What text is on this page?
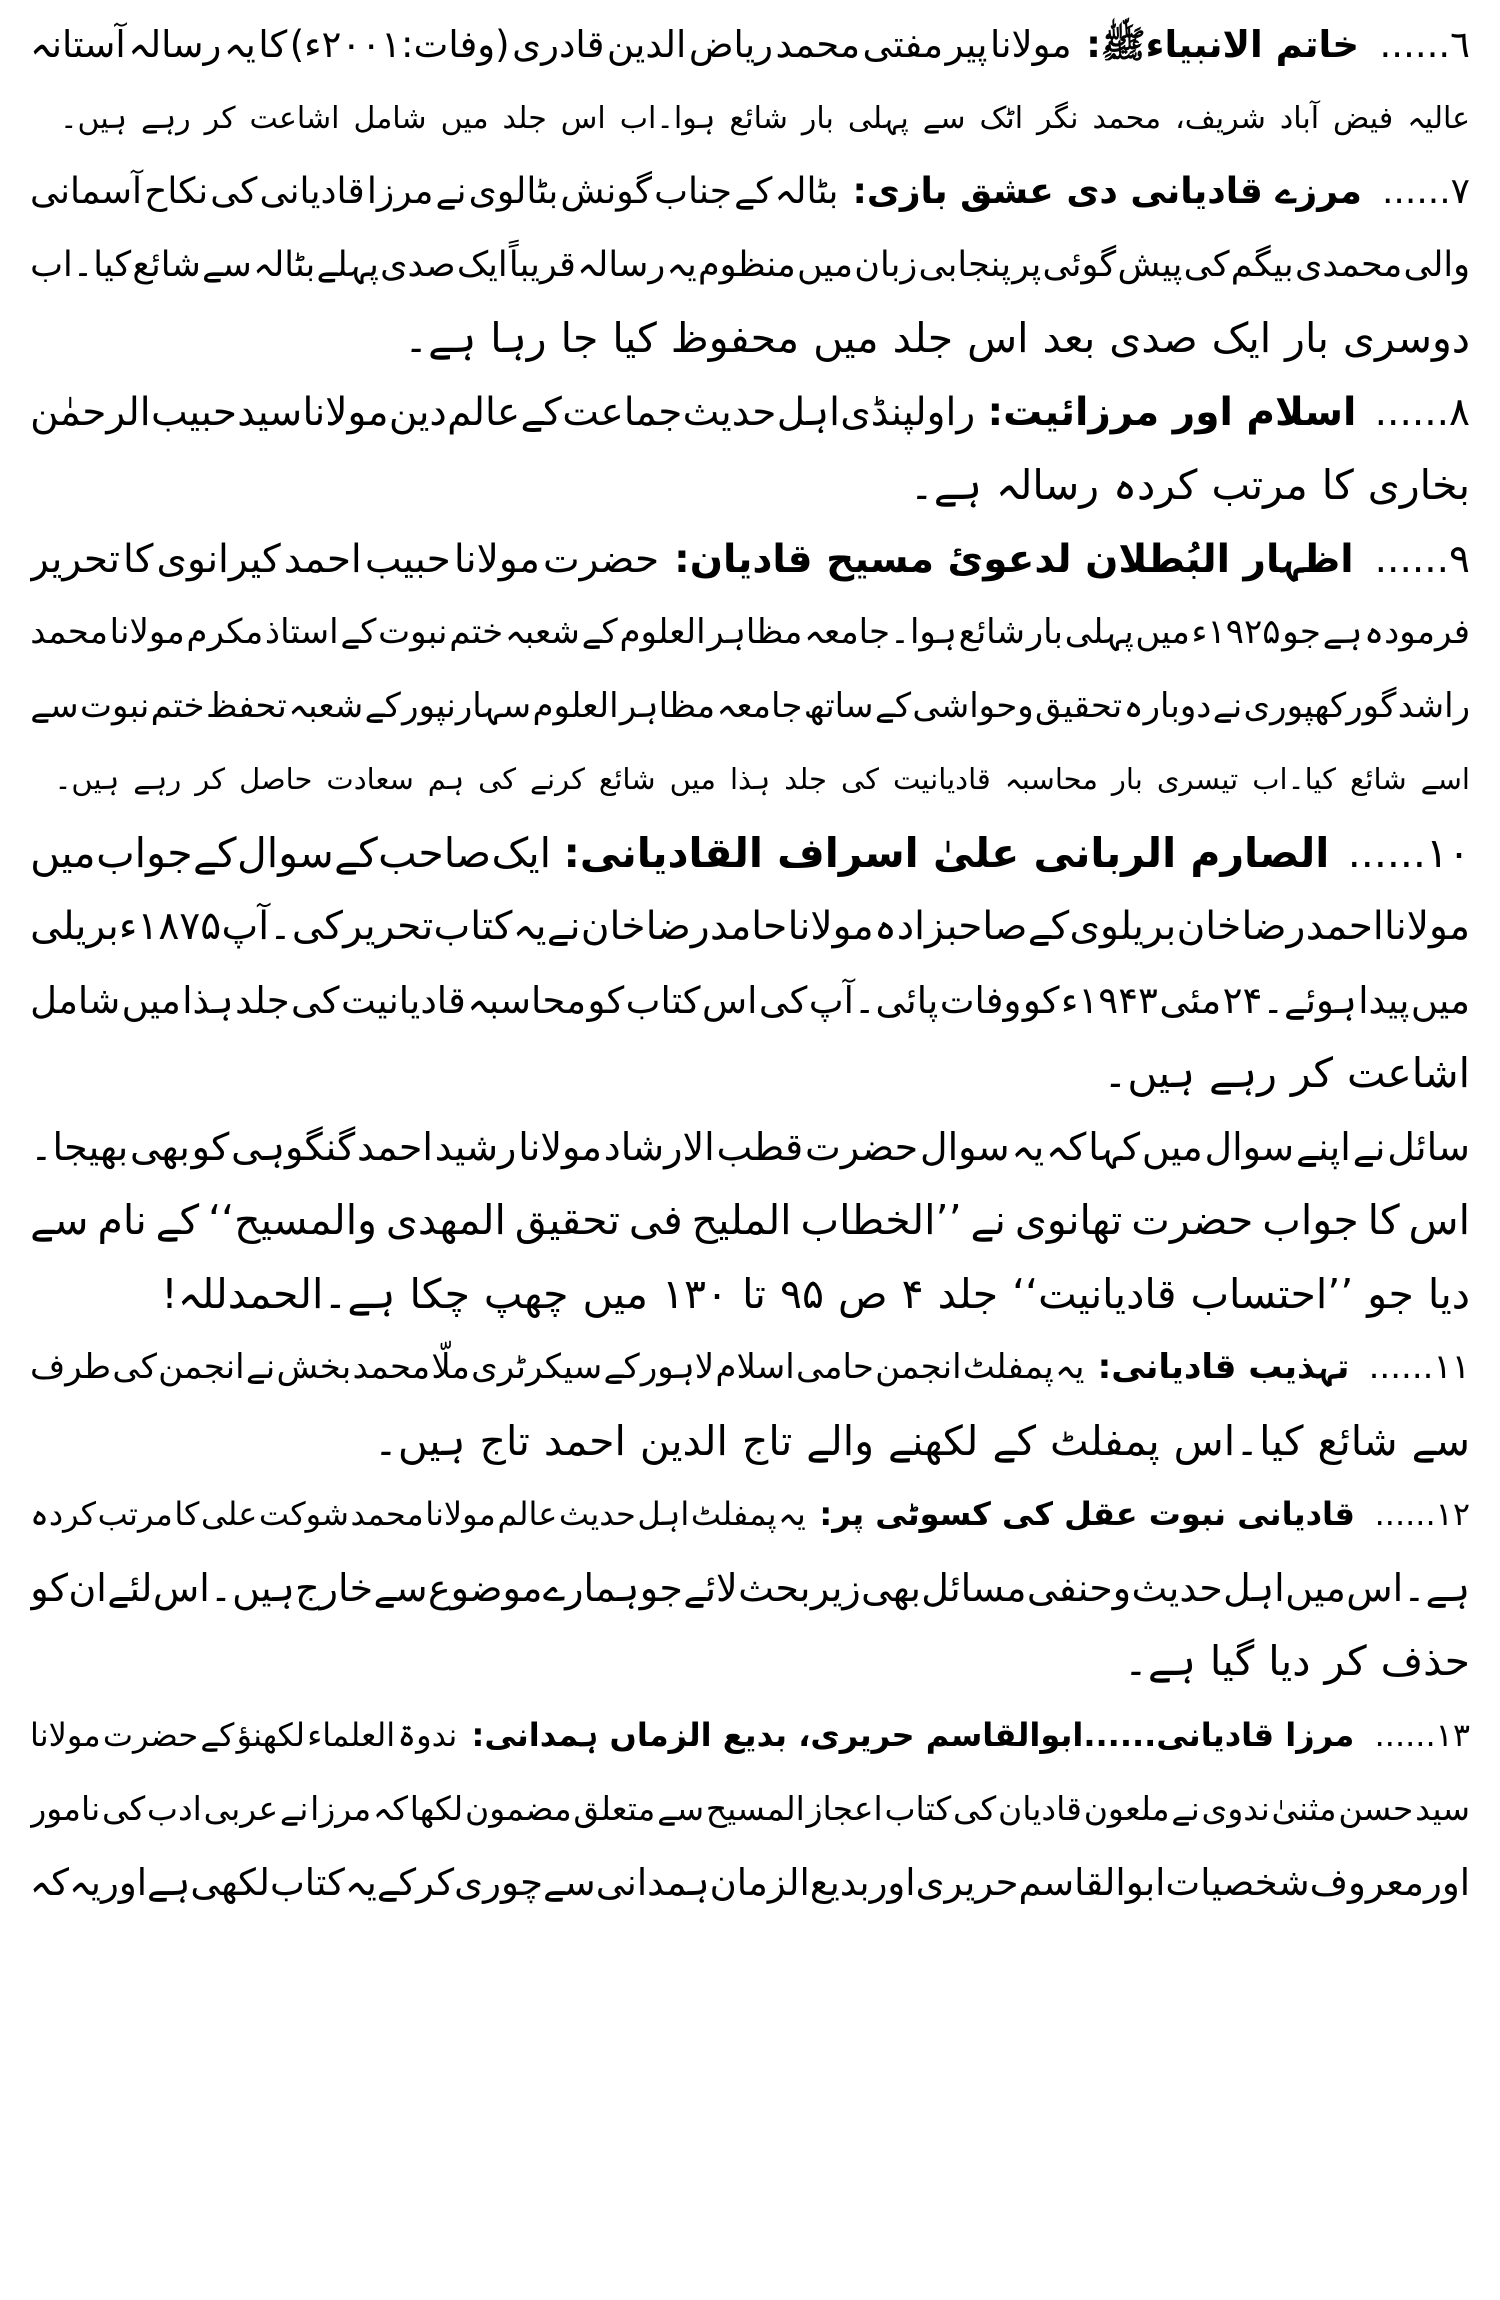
٦......
خاتم الانبیاءﷺ:
مولانا
پیر
مفتی
محمد
ریاض
الدین
قادری
(وفات:۲۰۰۱ء)
کا
یہ
رسالہ
آستانہ
عالیہ
فیض
آباد
شریف،
محمد
نگر
اٹک
سے
پہلی
بار
شائع
ہوا۔اب
اس
جلد
میں
شامل
اشاعت
کر
رہے
ہیں۔
٧......
مرزے قادیانی دی عشق بازی:
بٹالہ
کے
جناب
گونش
بٹالوی
نے
مرزا
قادیانی
کی
نکاح
آسمانی
والی
محمدی
بیگم
کی
پیش
گوئی
پر
پنجابی
زبان
میں
منظوم
یہ
رسالہ
قریباً
ایک
صدی
پہلے
بٹالہ
سے
شائع
کیا۔اب
دوسری
بار
ایک
صدی
بعد
اس
جلد
میں
محفوظ
کیا
جا
رہا
ہے۔
٨......
اسلام اور مرزائیت:
راولپنڈی
اہل
حدیث
جماعت
کے
عالم
دین
مولانا
سید
حبیب
الرحمٰن
بخاری
کا
مرتب
کردہ
رسالہ
ہے۔
٩......
اظہار البُطلان لدعوئ مسیح قادیان:
حضرت
مولانا
حبیب
احمد
کیرانوی
کا
تحریر
فرمودہ
ہے
جو
۱۹۲۵ء
میں
پہلی
بار
شائع
ہوا۔جامعہ
مظاہر
العلوم
کے
شعبہ
ختم
نبوت
کے
استاذ
مکرم
مولانا
محمد
راشد
گورکھپوری
نے
دوبارہ
تحقیق
وحواشی
کے
ساتھ
جامعہ
مظاہر
العلوم
سہارنپور
کے
شعبہ
تحفظ
ختم
نبوت
سے
اسے
شائع
کیا۔اب
تیسری
بار
محاسبہ
قادیانیت
کی
جلد
ہذا
میں
شائع
کرنے
کی
ہم
سعادت
حاصل
کر
رہے
ہیں۔
١٠......
الصارم الربانی علیٰ اسراف القادیانی:
ایک
صاحب
کے
سوال
کے
جواب
میں
مولانا
احمد
رضا
خان
بریلوی
کے
صاحبزادہ
مولانا
حامد
رضا
خان
نے
یہ
کتاب
تحریر
کی۔آپ
۱۸۷۵ء
بریلی
میں
پیدا
ہوئے۔۲۴
مئی
۱۹۴۳ء
کو
وفات
پائی۔آپ
کی
اس
کتاب
کو
محاسبہ
قادیانیت
کی
جلد
ہذا
میں
شامل
اشاعت
کر
رہے
ہیں۔
سائل
نے
اپنے
سوال
میں
کہا
کہ
یہ
سوال
حضرت
قطب
الارشاد
مولانا
رشید
احمد
گنگوہی
کو
بھی
بھیجا۔
اس
کا
جواب
حضرت
تھانوی
نے
’’الخطاب
الملیح
فی
تحقیق
المهدی
والمسیح‘‘
کے
نام
سے
دیا
جو
’’احتساب
قادیانیت‘‘
جلد
۴
ص
۹۵
تا
۱۳۰
میں
چھپ
چکا
ہے۔الحمدللہ!
١١......
تہذیب قادیانی:
یہ
پمفلٹ
انجمن
حامی
اسلام
لاہور
کے
سیکرٹری
ملّا
محمد
بخش
نے
انجمن
کی
طرف
سے
شائع
کیا۔اس
پمفلٹ
کے
لکھنے
والے
تاج
الدین
احمد
تاج
ہیں۔
١٢......
قادیانی نبوت عقل کی کسوٹی پر:
یہ
پمفلٹ
اہل
حدیث
عالم
مولانا
محمد
شوکت
علی
کا
مرتب
کردہ
ہے۔اس
میں
اہل
حدیث
وحنفی
مسائل
بھی
زیر
بحث
لائے
جو
ہمارے
موضوع
سے
خارج
ہیں۔اس
لئے
ان
کو
حذف
کر
دیا
گیا
ہے۔
١٣......
مرزا قادیانی......ابوالقاسم حریری، بدیع الزماں ہمدانی:
ندوۃ
العلماء
لکھنؤ
کے
حضرت
مولانا
سید
حسن
مثنیٰ
ندوی
نے
ملعون
قادیان
کی
کتاب
اعجاز
المسیح
سے
متعلق
مضمون
لکھا
کہ
مرزا
نے
عربی
ادب
کی
نامور
اور
معروف
شخصیات
ابوالقاسم
حریری
اور
بدیع
الزمان
ہمدانی
سے
چوری
کر
کے
یہ
کتاب
لکھی
ہے
اور
یہ
کہ
